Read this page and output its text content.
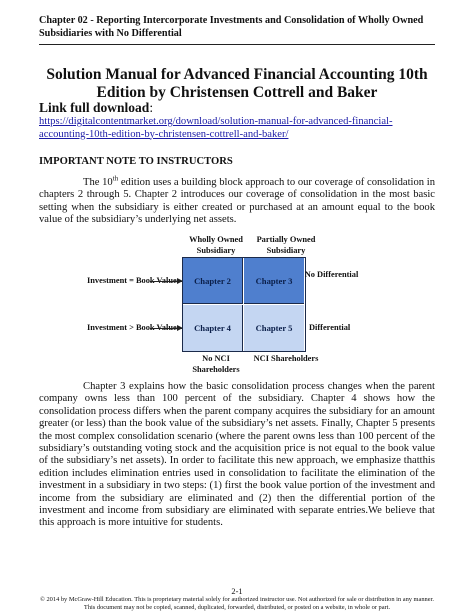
Chapter 02 - Reporting Intercorporate Investments and Consolidation of Wholly Owned Subsidiaries with No Differential
Solution Manual for Advanced Financial Accounting 10th Edition by Christensen Cottrell and Baker
Link full download:
https://digitalcontentmarket.org/download/solution-manual-for-advanced-financial-accounting-10th-edition-by-christensen-cottrell-and-baker/
IMPORTANT NOTE TO INSTRUCTORS
The 10th edition uses a building block approach to our coverage of consolidation in chapters 2 through 5. Chapter 2 introduces our coverage of consolidation in the most basic setting when the subsidiary is either created or purchased at an amount equal to the book value of the subsidiary’s underlying net assets.
Wholly Owned Subsidiary
Partially Owned Subsidiary
Investment = Book Value
Investment > Book Value
Chapter 2	Chapter 3
Chapter 4	Chapter 5
No Differential
Differential
No NCI Shareholders
NCI Shareholders
Chapter 3 explains how the basic consolidation process changes when the parent company owns less than 100 percent of the subsidiary. Chapter 4 shows how the consolidation process differs when the parent company acquires the subsidiary for an amount greater (or less) than the book value of the subsidiary’s net assets. Finally, Chapter 5 presents the most complex consolidation scenario (where the parent owns less than 100 percent of the subsidiary’s outstanding voting stock and the acquisition price is not equal to the book value of the subsidiary’s net assets). In order to facilitate this new approach, we emphasize thatthis edition includes elimination entries used in consolidation to facilitate the elimination of the investment in a subsidiary in two steps: (1) first the book value portion of the investment and income from the subsidiary are eliminated and (2) then the differential portion of the investment and income from subsidiary are eliminated with separate entries.We believe that this approach is more intuitive for students.
2-1
© 2014 by McGraw-Hill Education. This is proprietary material solely for authorized instructor use. Not authorized for sale or distribution in any manner. This document may not be copied, scanned, duplicated, forwarded, distributed, or posted on a website, in whole or part.
